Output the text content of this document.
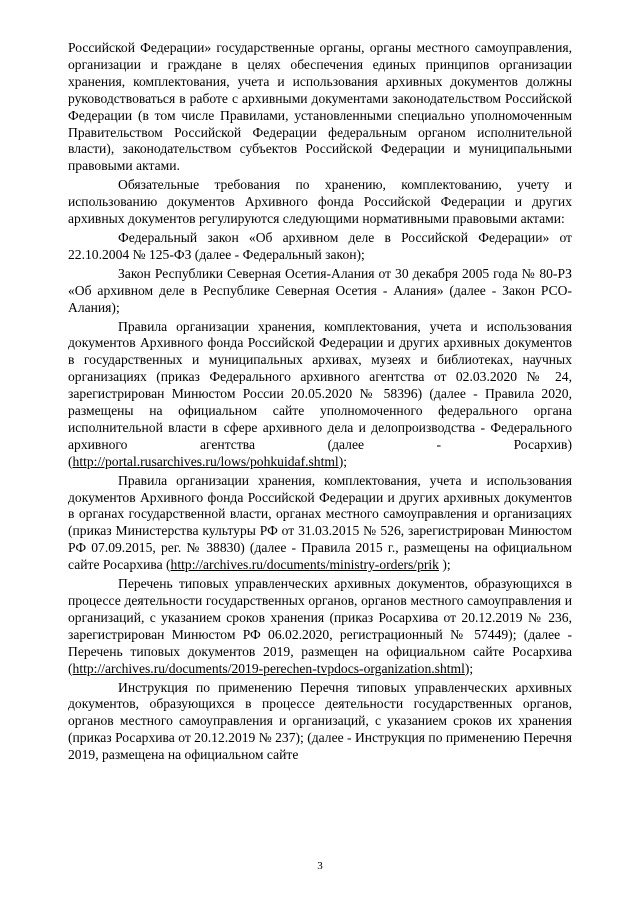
Российской Федерации» государственные органы, органы местного самоуправления, организации и граждане в целях обеспечения единых принципов организации хранения, комплектования, учета и использования архивных документов должны руководствоваться в работе с архивными документами законодательством Российской Федерации (в том числе Правилами, установленными специально уполномоченным Правительством Российской Федерации федеральным органом исполнительной власти), законодательством субъектов Российской Федерации и муниципальными правовыми актами.

Обязательные требования по хранению, комплектованию, учету и использованию документов Архивного фонда Российской Федерации и других архивных документов регулируются следующими нормативными правовыми актами:

Федеральный закон «Об архивном деле в Российской Федерации» от 22.10.2004 № 125-ФЗ (далее - Федеральный закон);

Закон Республики Северная Осетия-Алания от 30 декабря 2005 года № 80-РЗ «Об архивном деле в Республике Северная Осетия - Алания» (далее - Закон РСО-Алания);

Правила организации хранения, комплектования, учета и использования документов Архивного фонда Российской Федерации и других архивных документов в государственных и муниципальных архивах, музеях и библиотеках, научных организациях (приказ Федерального архивного агентства от 02.03.2020 № 24, зарегистрирован Минюстом России 20.05.2020 № 58396) (далее - Правила 2020, размещены на официальном сайте уполномоченного федерального органа исполнительной власти в сфере архивного дела и делопроизводства - Федерального архивного агентства (далее - Росархив) (http://portal.rusarchives.ru/lows/pohkuidaf.shtml);

Правила организации хранения, комплектования, учета и использования документов Архивного фонда Российской Федерации и других архивных документов в органах государственной власти, органах местного самоуправления и организациях (приказ Министерства культуры РФ от 31.03.2015 № 526, зарегистрирован Минюстом РФ 07.09.2015, рег. № 38830) (далее - Правила 2015 г., размещены на официальном сайте Росархива (http://archives.ru/documents/ministry-orders/prik );

Перечень типовых управленческих архивных документов, образующихся в процессе деятельности государственных органов, органов местного самоуправления и организаций, с указанием сроков хранения (приказ Росархива от 20.12.2019 № 236, зарегистрирован Минюстом РФ 06.02.2020, регистрационный № 57449); (далее - Перечень типовых документов 2019, размещен на официальном сайте Росархива (http://archives.ru/documents/2019-perechen-tvpdocs-organization.shtml);

Инструкция по применению Перечня типовых управленческих архивных документов, образующихся в процессе деятельности государственных органов, органов местного самоуправления и организаций, с указанием сроков их хранения (приказ Росархива от 20.12.2019 № 237); (далее - Инструкция по применению Перечня 2019, размещена на официальном сайте

3
